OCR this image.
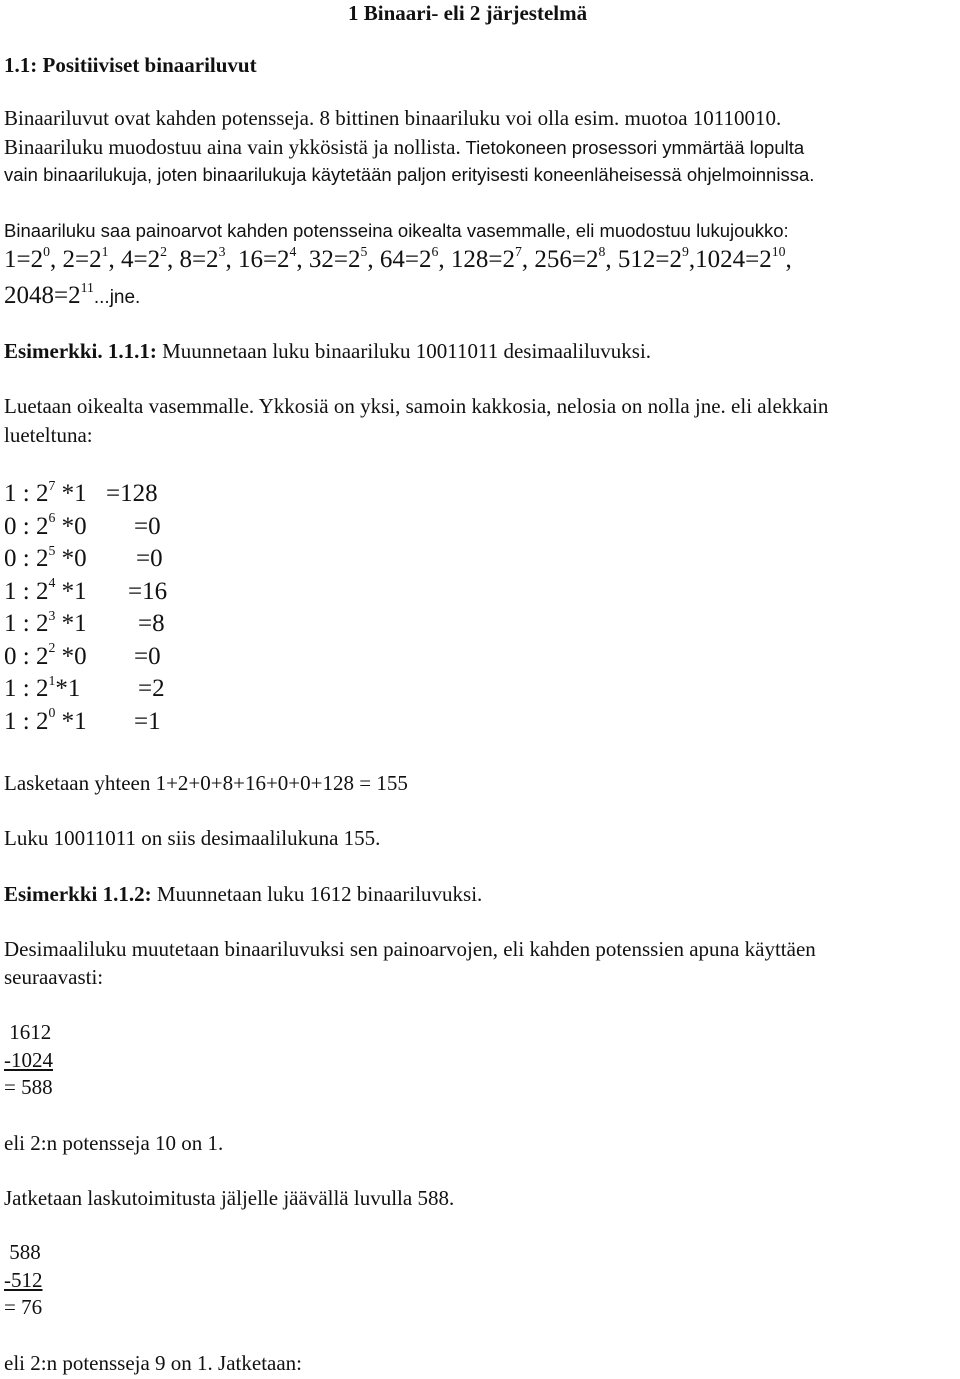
1 Binaari- eli 2 järjestelmä
1.1: Positiiviset binaariluvut
Binaariluvut ovat kahden potensseja. 8 bittinen binaariluku voi olla esim. muotoa 10110010.
Binaariluku muodostuu aina vain ykkösistä ja nollista. Tietokoneen prosessori ymmärtää lopulta
vain binaarilukuja, joten binaarilukuja käytetään paljon erityisesti koneenläheisessä ohjelmoinnissa.
Binaariluku saa painoarvot kahden potensseina oikealta vasemmalle, eli muodostuu lukujoukko:
$1=2^0$, $2=2^1$, $4=2^2$, $8=2^3$, $16=2^4$, $32=2^5$, $64=2^6$, $128=2^7$, $256=2^8$, $512=2^9,1024=2^{10}$,
$2048=2^{11}...jne$.
Esimerkki. 1.1.1: Muunnetaan luku binaariluku 10011011 desimaaliluvuksi.
Luetaan oikealta vasemmalle. Ykkosiä on yksi, samoin kakkosia, nelosia on nolla jne. eli alekkain
lueteltuna:
1 : $2^7$ *1 =128
0 : $2^6$ *0 =0
0 : $2^5$ *0 =0
1 : $2^4$ *1 =16
1 : $2^3$ *1 =8
0 : $2^2$ *0 =0
1 : $2^1*1 =2$
1 : $2^0$ *1 =1
Lasketaan yhteen 1+2+0+8+16+0+0+128 = 155
Luku 10011011 on siis desimaalilukuna 155.
Esimerkki 1.1.2: Muunnetaan luku 1612 binaariluvuksi.
Desimaaliluku muutetaan binaariluvuksi sen painoarvojen, eli kahden potenssien apuna käyttäen
seuraavasti:
1612
-1024
= 588
eli 2:n potensseja 10 on 1.
Jatketaan laskutoimitusta jäljelle jäävällä luvulla 588.
588
-512
= 76
eli 2:n potensseja 9 on 1. Jatketaan:
